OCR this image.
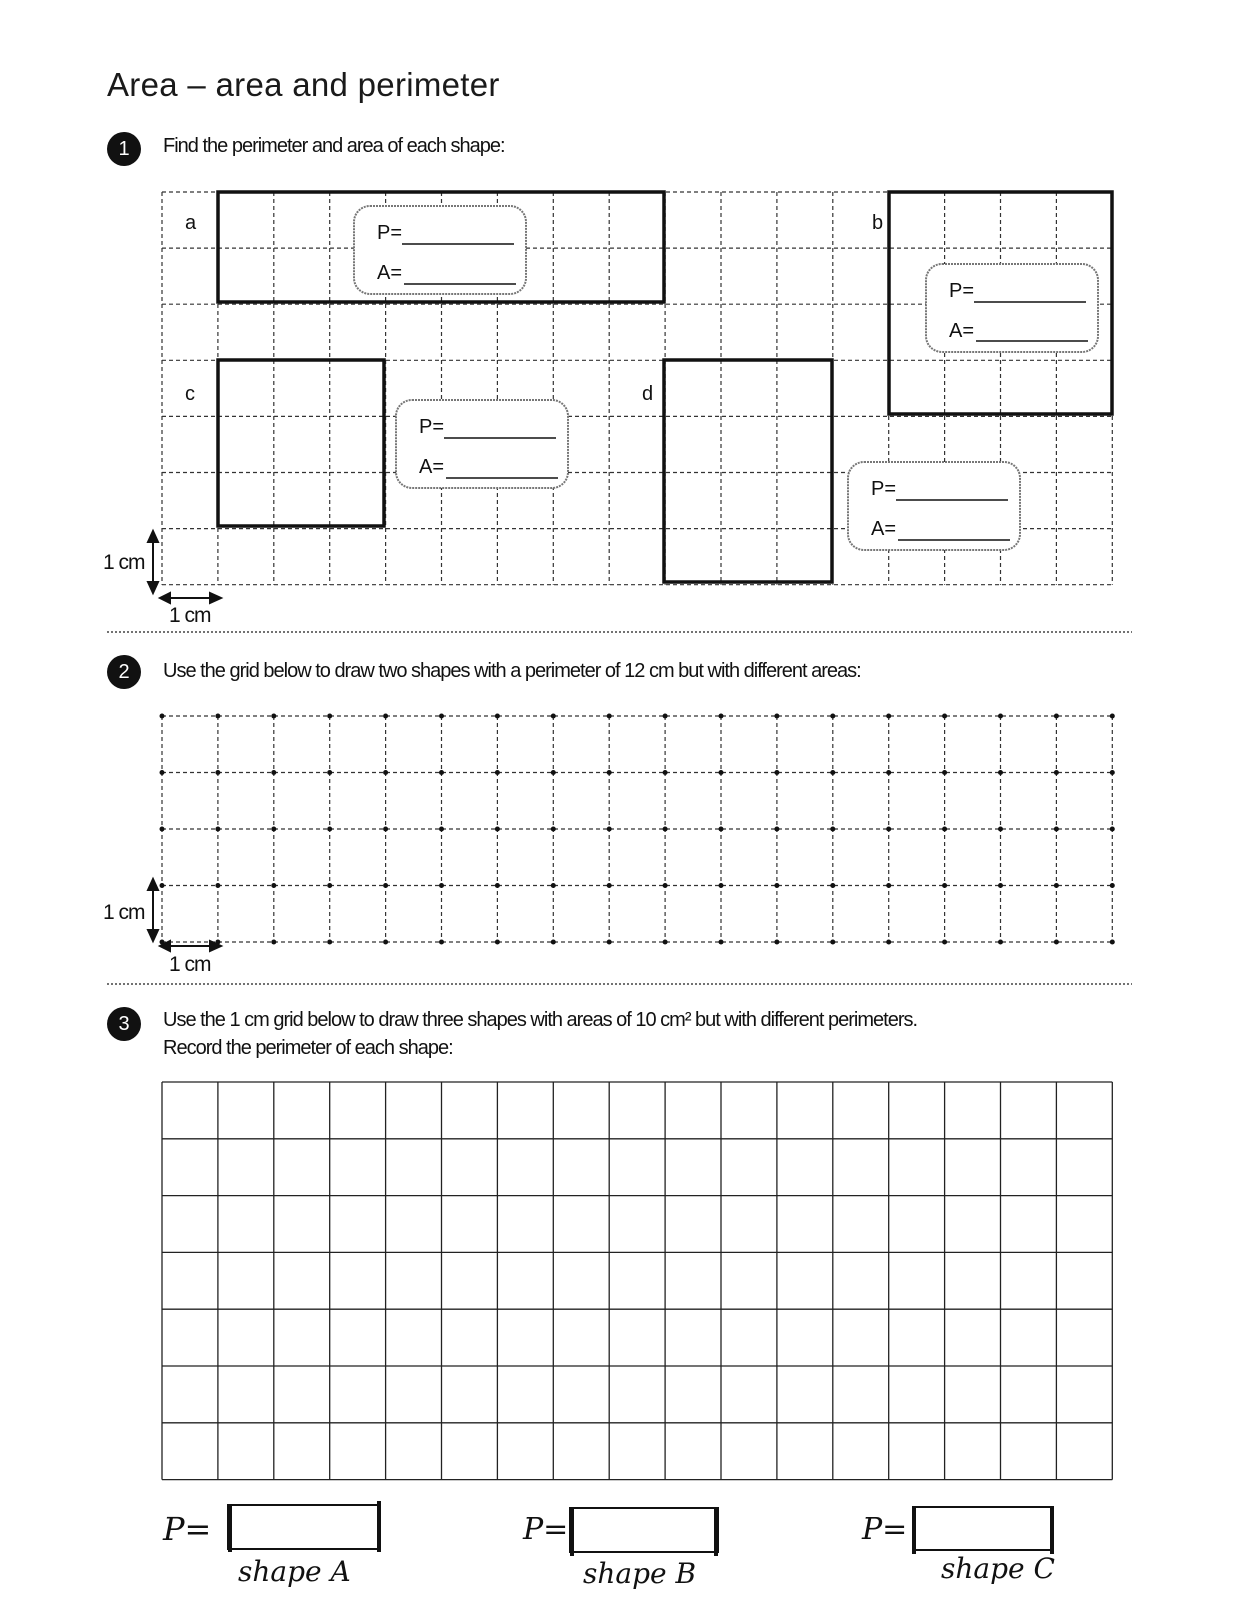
Area – area and perimeter
1	Find the perimeter and area of each shape:
a	b
c	d
P=
A=
P=
A=
P=
A=
P=
A=
1 cm
1 cm
2	Use the grid below to draw two shapes with a perimeter of 12 cm but with different areas:
1 cm
1 cm
3	Use the 1 cm grid below to draw three shapes with areas of 10 cm² but with different perimeters.
Record the perimeter of each shape:
P=
shape A
P=
shape B
P=
shape C
